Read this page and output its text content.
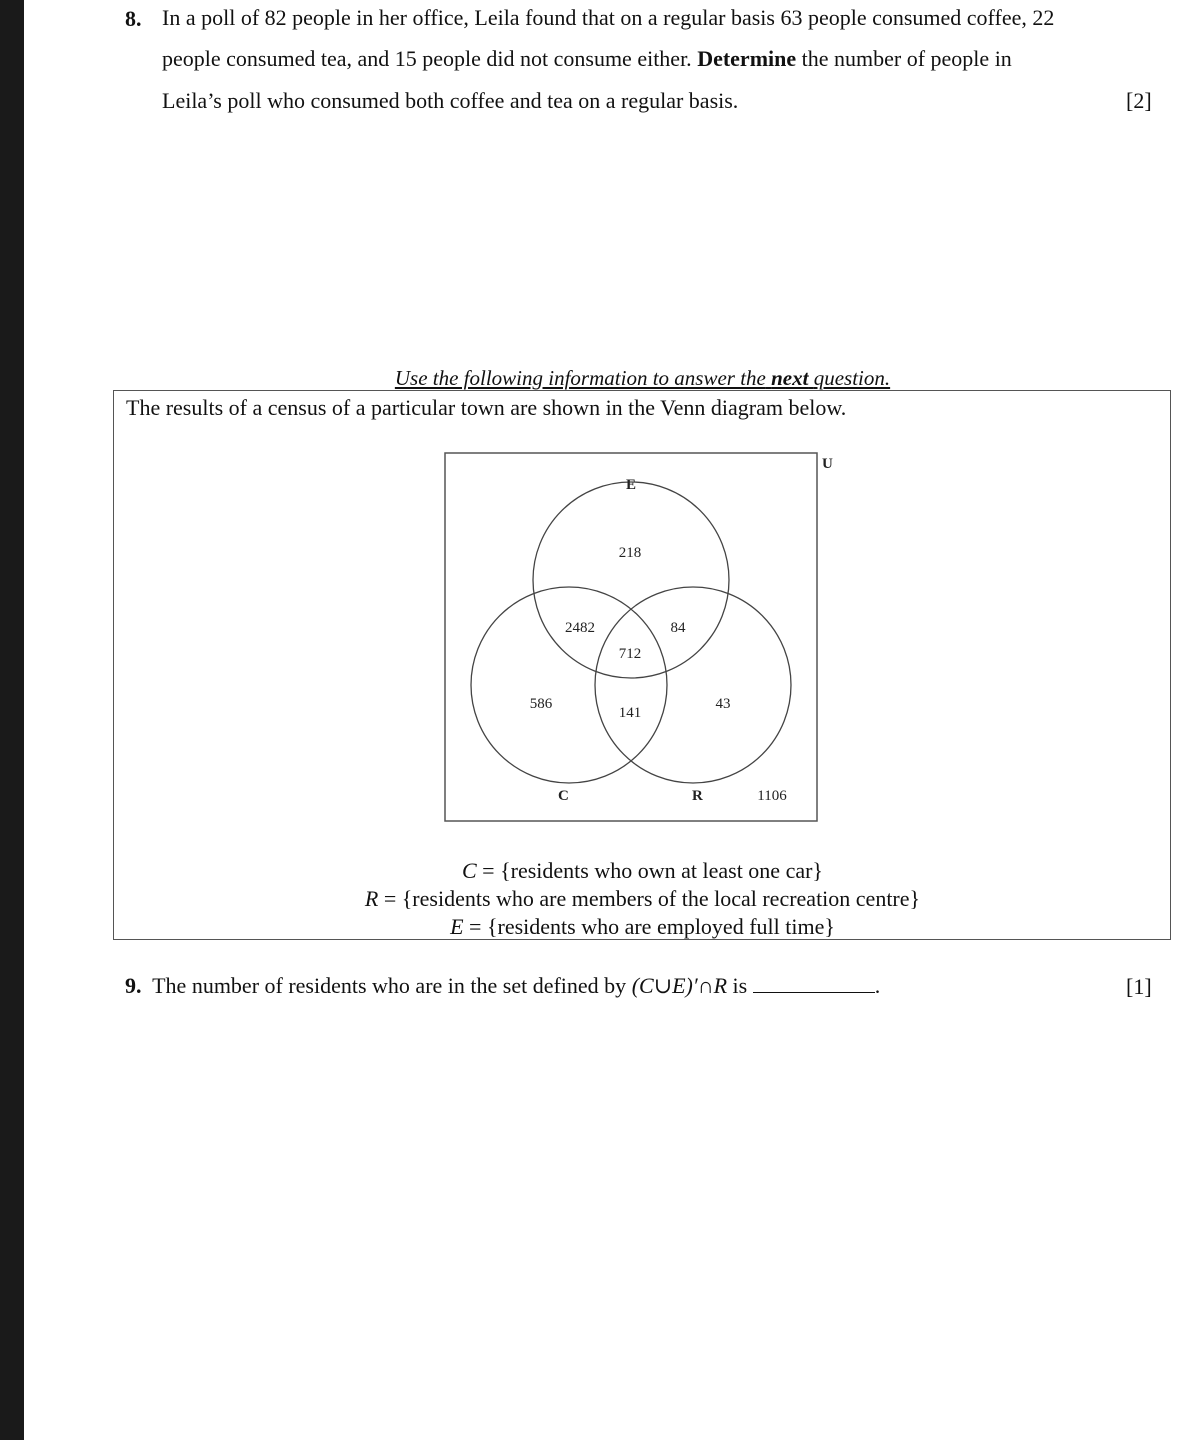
8. In a poll of 82 people in her office, Leila found that on a regular basis 63 people consumed coffee, 22
people consumed tea, and 15 people did not consume either. Determine the number of people in
Leila’s poll who consumed both coffee and tea on a regular basis.	[2]
Use the following information to answer the next question.
The results of a census of a particular town are shown in the Venn diagram below.
U
E
C	R
218
2482	84
712
586
141
43
1106
C = {residents who own at least one car}
R = {residents who are members of the local recreation centre}
E = {residents who are employed full time}
9. The number of residents who are in the set defined by (C∪E)′∩R is	.	[1]
